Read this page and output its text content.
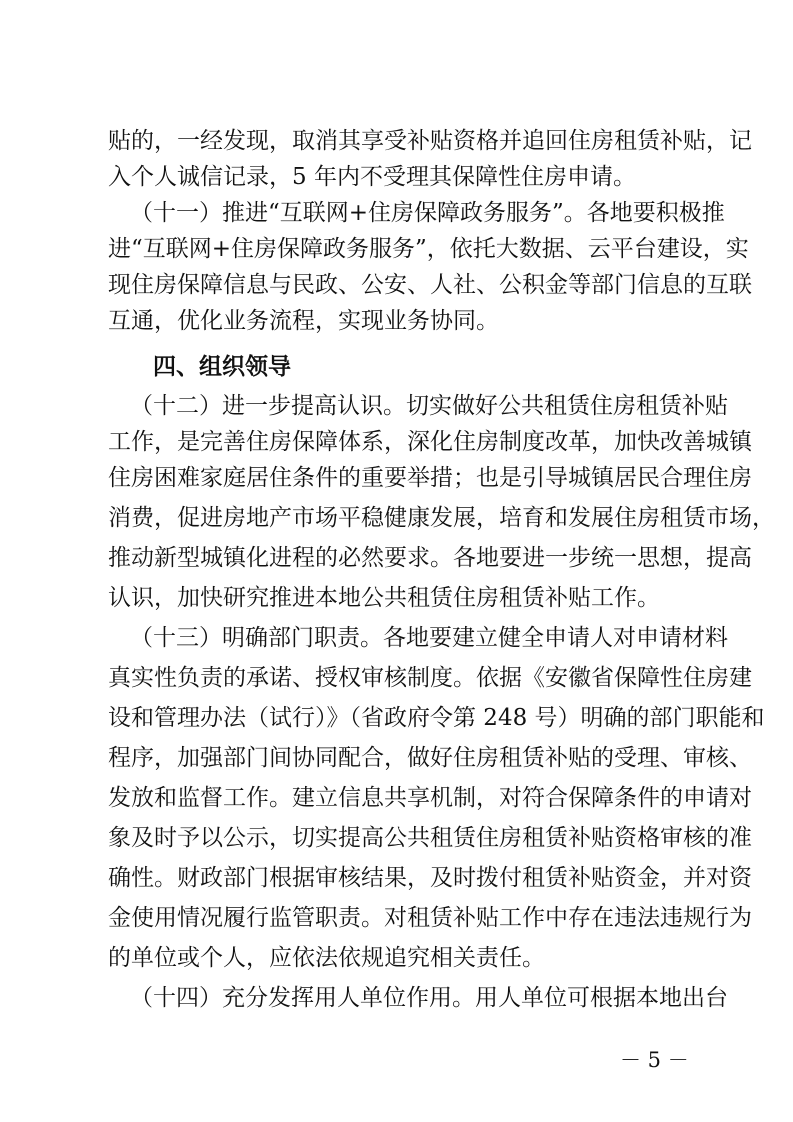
贴的，一经发现，取消其享受补贴资格并追回住房租赁补贴，记
入个人诚信记录，5 年内不受理其保障性住房申请。
（十一）推进“互联网+住房保障政务服务”。各地要积极推
进“互联网+住房保障政务服务”，依托大数据、云平台建设，实
现住房保障信息与民政、公安、人社、公积金等部门信息的互联
互通，优化业务流程，实现业务协同。
四、组织领导
（十二）进一步提高认识。切实做好公共租赁住房租赁补贴
工作，是完善住房保障体系，深化住房制度改革，加快改善城镇
住房困难家庭居住条件的重要举措；也是引导城镇居民合理住房
消费，促进房地产市场平稳健康发展，培育和发展住房租赁市场，
推动新型城镇化进程的必然要求。各地要进一步统一思想，提高
认识，加快研究推进本地公共租赁住房租赁补贴工作。
（十三）明确部门职责。各地要建立健全申请人对申请材料
真实性负责的承诺、授权审核制度。依据《安徽省保障性住房建
设和管理办法（试行）》（省政府令第 248 号）明确的部门职能和
程序，加强部门间协同配合，做好住房租赁补贴的受理、审核、
发放和监督工作。建立信息共享机制，对符合保障条件的申请对
象及时予以公示，切实提高公共租赁住房租赁补贴资格审核的准
确性。财政部门根据审核结果，及时拨付租赁补贴资金，并对资
金使用情况履行监管职责。对租赁补贴工作中存在违法违规行为
的单位或个人，应依法依规追究相关责任。
（十四）充分发挥用人单位作用。用人单位可根据本地出台
－ 5 －
